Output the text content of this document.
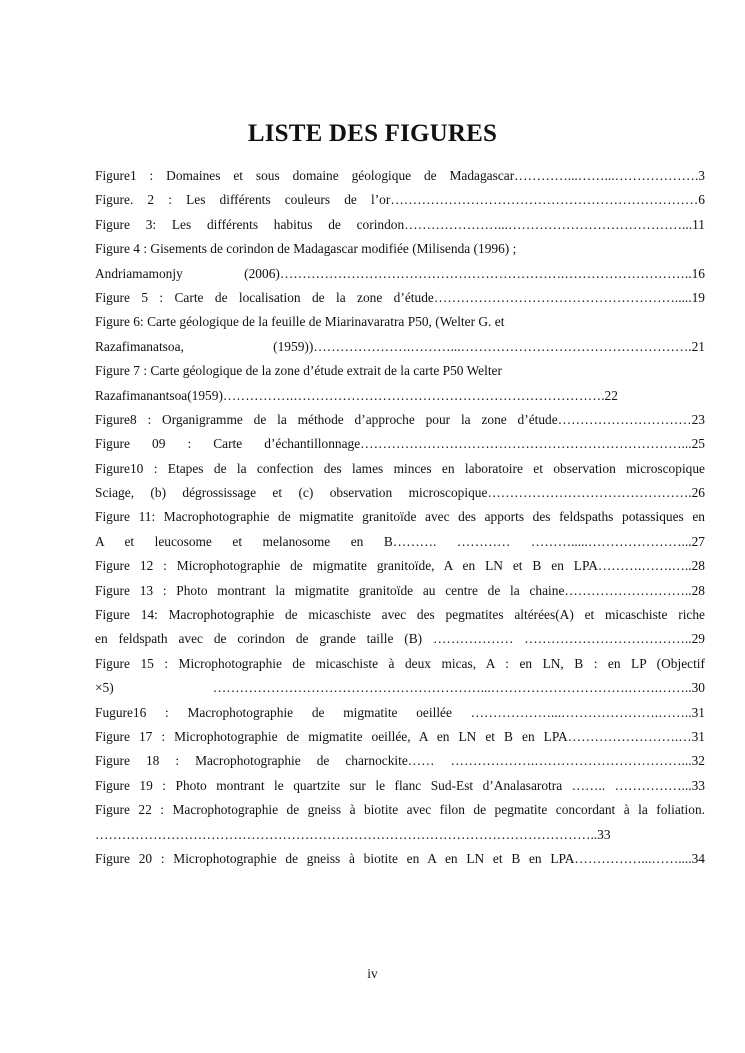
LISTE DES FIGURES
Figure1 : Domaines et sous domaine géologique de Madagascar…………...……...……………….3
Figure. 2 : Les différents couleurs de l’or……………………………………………………………6
Figure 3: Les différents habitus de corindon…………………...…………………………………...11
Figure 4 : Gisements de corindon de Madagascar modifiée (Milisenda (1996) ;
Andriamamonjy (2006)……………………………………………………….………………………..16
Figure 5 : Carte de localisation de la zone d’étude……………………………………………….....19
Figure 6: Carte géologique de la feuille de Miarinavaratra P50, (Welter G. et
Razafimanatsoa, (1959))………………….………...…………………………………………….21
Figure 7 : Carte géologique de la zone d’étude extrait de la carte P50 Welter
Razafimanantsoa(1959)…………….…………………………………………………………….22
Figure8 : Organigramme de la méthode d’approche pour la zone d’étude…………………………23
Figure 09 : Carte d’échantillonnage………………………………………………………………...25
Figure10 : Etapes de la confection des lames minces en laboratoire et observation microscopique
Sciage, (b) dégrossissage et (c) observation microscopique……………………………………….26
Figure 11: Macrophotographie de migmatite granitoïde avec des apports des feldspaths potassiques en
A et leucosome et melanosome en B………. ………… ……….....…………………...27
Figure 12 : Microphotographie de migmatite granitoïde, A en LN et B en LPA……….…….…..28
Figure 13 : Photo montrant la migmatite granitoïde au centre de la chaine………………………..28
Figure 14: Macrophotographie de micaschiste avec des pegmatites altérées(A) et micaschiste riche
en feldspath avec de corindon de grande taille (B) ……………… ………………………………..29
Figure 15 : Microphotographie de micaschiste à deux micas, A : en LN, B : en LP (Objectif
×5) ……………………………………………………...………………………….…….……..30
Fugure16 : Macrophotographie de migmatite oeillée ………………...………………….……..31
Figure 17 : Microphotographie de migmatite oeillée, A en LN et B en LPA…………………….…31
Figure 18 : Macrophotographie de charnockite…… ……………….……………………………...32
Figure 19 : Photo montrant le quartzite sur le flanc Sud-Est d’Analasarotra …….. ……………...33
Figure 22 : Macrophotographie de gneiss à biotite avec filon de pegmatite concordant à la foliation.
…………………………………………………………………………………………………..33
Figure 20 : Microphotographie de gneiss à biotite en A en LN et B en LPA……………...……....34
iv
